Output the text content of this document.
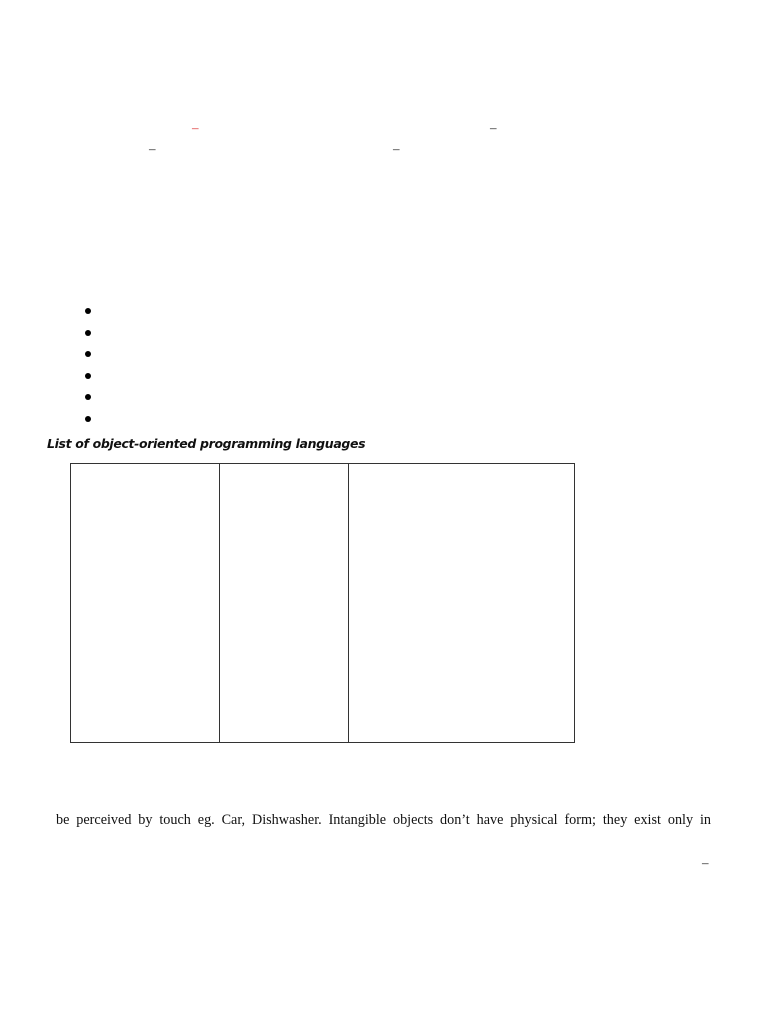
–	–
–	–
List of object-oriented programming languages
be perceived by touch eg. Car, Dishwasher. Intangible objects don’t have physical form; they exist only in
–
